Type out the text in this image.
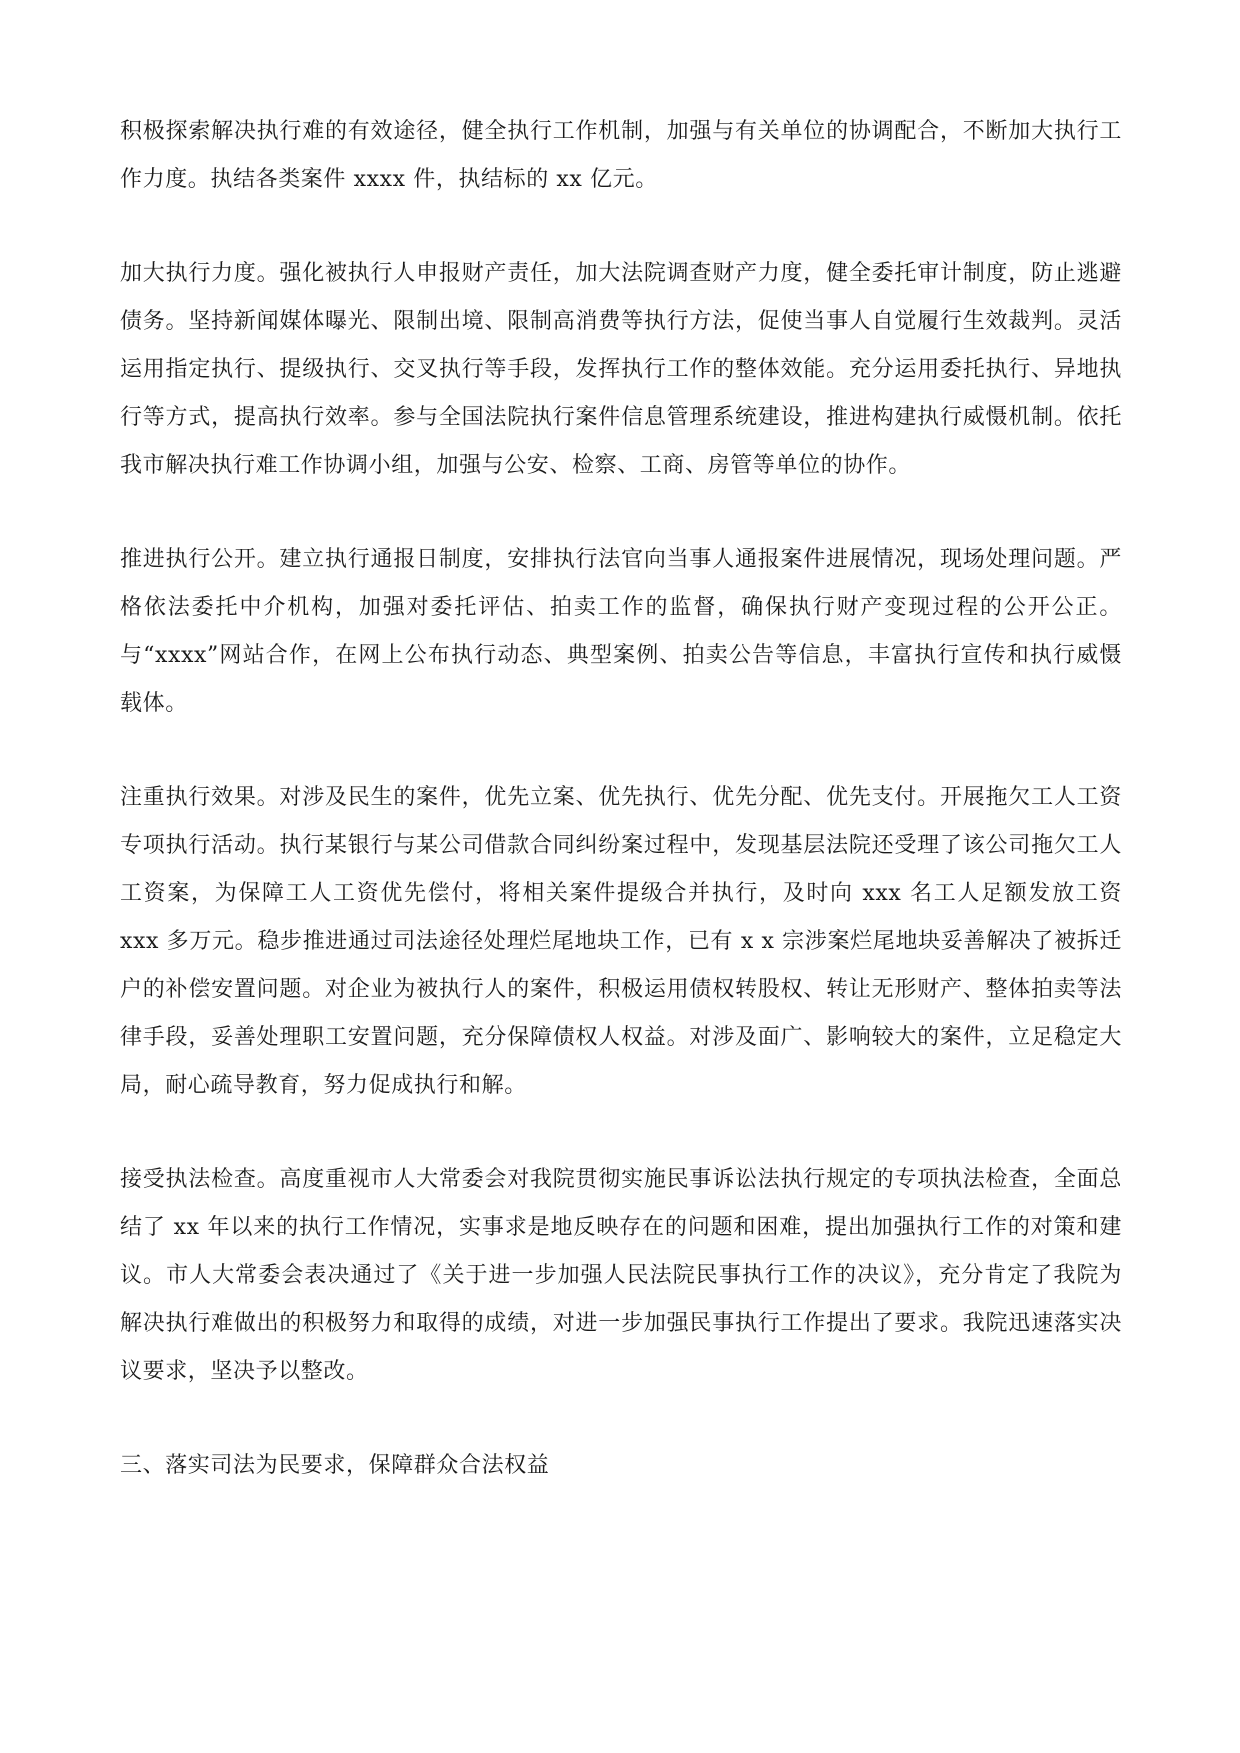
积极探索解决执行难的有效途径，健全执行工作机制，加强与有关单位的协调配合，不断加大执行工作力度。执结各类案件 xxxx 件，执结标的 xx 亿元。

加大执行力度。强化被执行人申报财产责任，加大法院调查财产力度，健全委托审计制度，防止逃避债务。坚持新闻媒体曝光、限制出境、限制高消费等执行方法，促使当事人自觉履行生效裁判。灵活运用指定执行、提级执行、交叉执行等手段，发挥执行工作的整体效能。充分运用委托执行、异地执行等方式，提高执行效率。参与全国法院执行案件信息管理系统建设，推进构建执行威慑机制。依托我市解决执行难工作协调小组，加强与公安、检察、工商、房管等单位的协作。

推进执行公开。建立执行通报日制度，安排执行法官向当事人通报案件进展情况，现场处理问题。严格依法委托中介机构，加强对委托评估、拍卖工作的监督，确保执行财产变现过程的公开公正。与“xxxx”网站合作，在网上公布执行动态、典型案例、拍卖公告等信息，丰富执行宣传和执行威慑载体。

注重执行效果。对涉及民生的案件，优先立案、优先执行、优先分配、优先支付。开展拖欠工人工资专项执行活动。执行某银行与某公司借款合同纠纷案过程中，发现基层法院还受理了该公司拖欠工人工资案，为保障工人工资优先偿付，将相关案件提级合并执行，及时向 xxx 名工人足额发放工资 xxx 多万元。稳步推进通过司法途径处理烂尾地块工作，已有 x x 宗涉案烂尾地块妥善解决了被拆迁户的补偿安置问题。对企业为被执行人的案件，积极运用债权转股权、转让无形财产、整体拍卖等法律手段，妥善处理职工安置问题，充分保障债权人权益。对涉及面广、影响较大的案件，立足稳定大局，耐心疏导教育，努力促成执行和解。

接受执法检查。高度重视市人大常委会对我院贯彻实施民事诉讼法执行规定的专项执法检查，全面总结了 xx 年以来的执行工作情况，实事求是地反映存在的问题和困难，提出加强执行工作的对策和建议。市人大常委会表决通过了《关于进一步加强人民法院民事执行工作的决议》，充分肯定了我院为解决执行难做出的积极努力和取得的成绩，对进一步加强民事执行工作提出了要求。我院迅速落实决议要求，坚决予以整改。

三、落实司法为民要求，保障群众合法权益
